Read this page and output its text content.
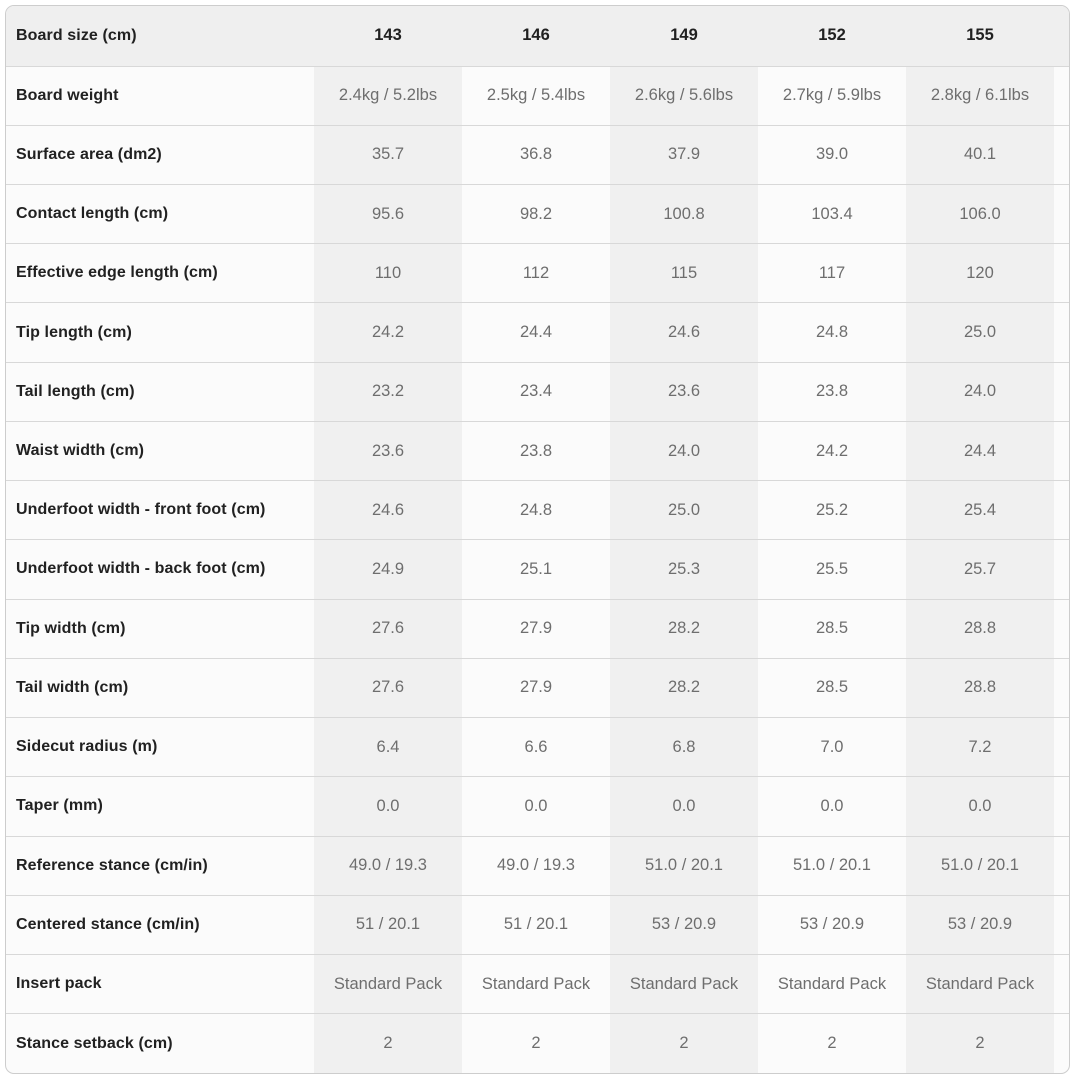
Board size (cm)	143	146	149	152	155	
Board weight	2.4kg / 5.2lbs	2.5kg / 5.4lbs	2.6kg / 5.6lbs	2.7kg / 5.9lbs	2.8kg / 6.1lbs	
Surface area (dm2)	35.7	36.8	37.9	39.0	40.1	
Contact length (cm)	95.6	98.2	100.8	103.4	106.0	
Effective edge length (cm)	110	112	115	117	120	
Tip length (cm)	24.2	24.4	24.6	24.8	25.0	
Tail length (cm)	23.2	23.4	23.6	23.8	24.0	
Waist width (cm)	23.6	23.8	24.0	24.2	24.4	
Underfoot width - front foot (cm)	24.6	24.8	25.0	25.2	25.4	
Underfoot width - back foot (cm)	24.9	25.1	25.3	25.5	25.7	
Tip width (cm)	27.6	27.9	28.2	28.5	28.8	
Tail width (cm)	27.6	27.9	28.2	28.5	28.8	
Sidecut radius (m)	6.4	6.6	6.8	7.0	7.2	
Taper (mm)	0.0	0.0	0.0	0.0	0.0	
Reference stance (cm/in)	49.0 / 19.3	49.0 / 19.3	51.0 / 20.1	51.0 / 20.1	51.0 / 20.1	
Centered stance (cm/in)	51 / 20.1	51 / 20.1	53 / 20.9	53 / 20.9	53 / 20.9	
Insert pack	Standard Pack	Standard Pack	Standard Pack	Standard Pack	Standard Pack	
Stance setback (cm)	2	2	2	2	2	
